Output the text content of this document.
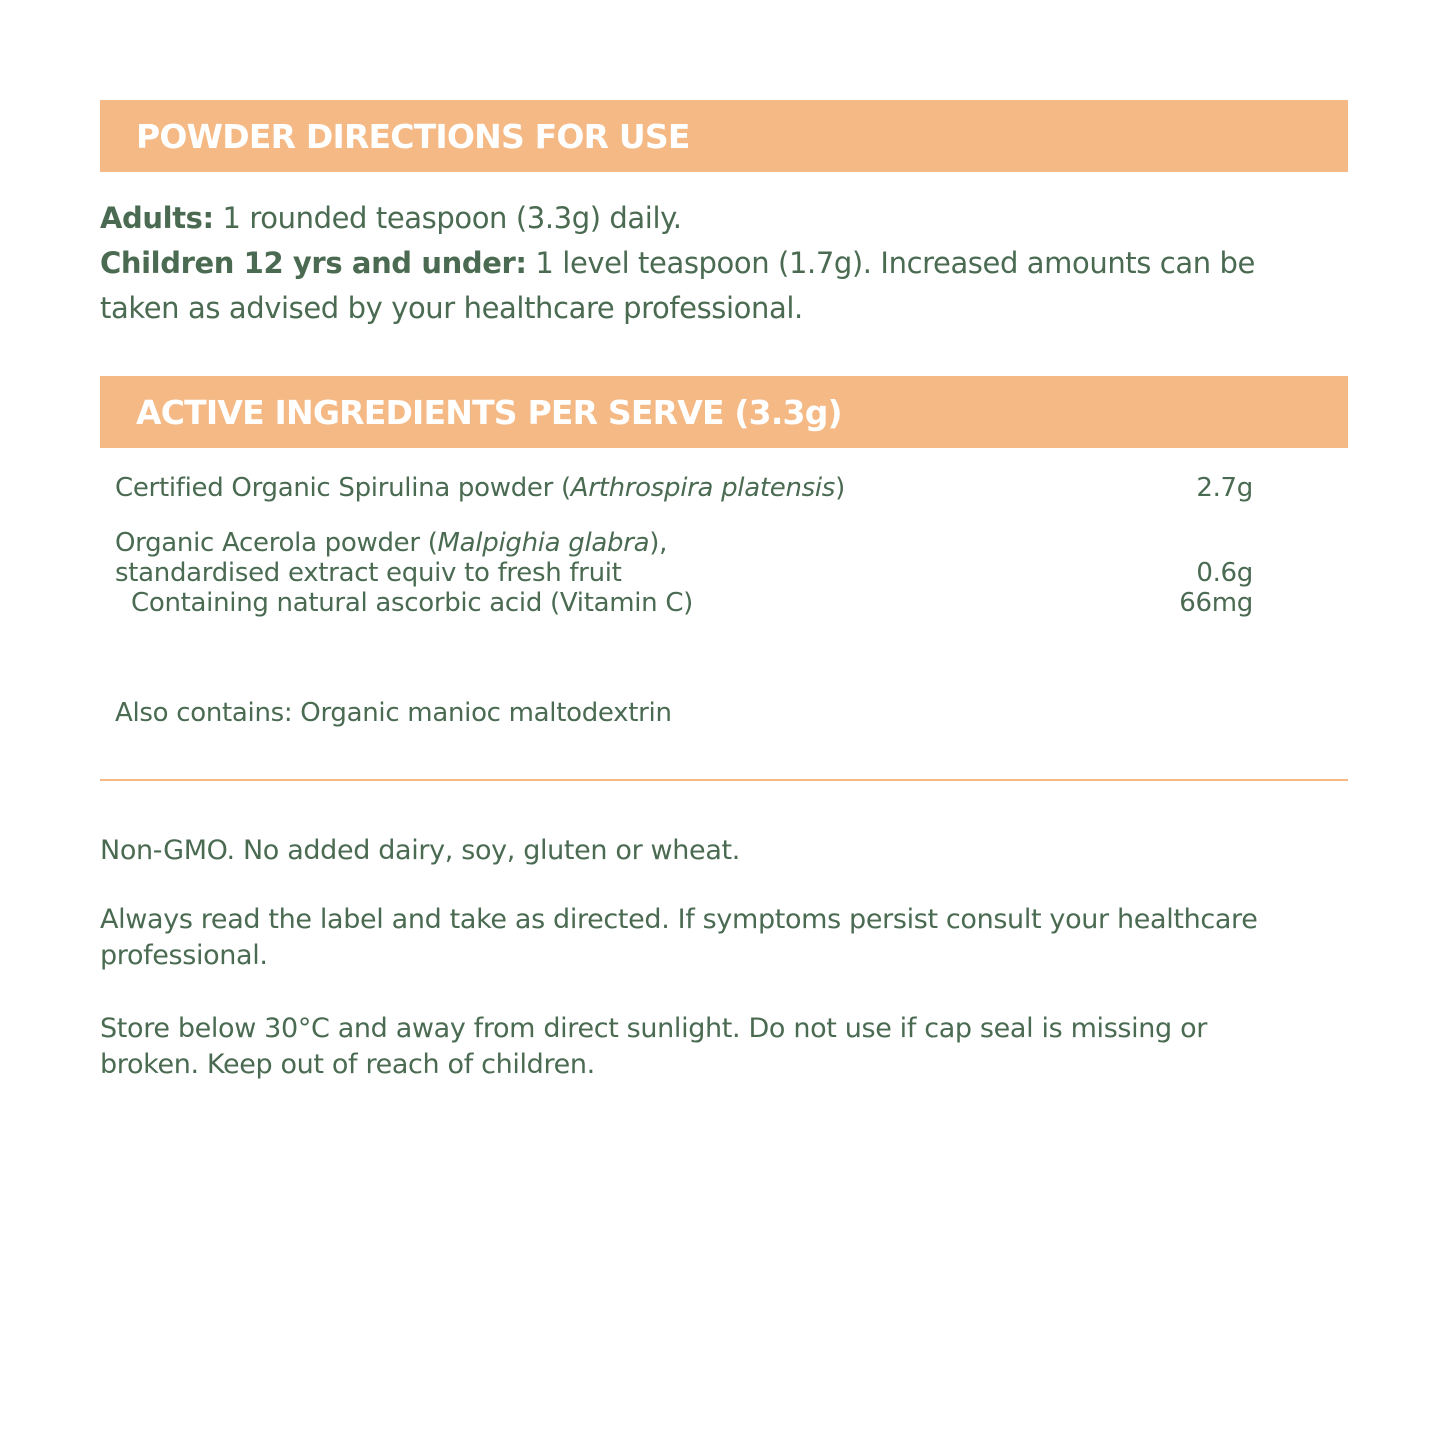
POWDER DIRECTIONS FOR USE

Adults: 1 rounded teaspoon (3.3g) daily.

Children 12 yrs and under: 1 level teaspoon (1.7g). Increased amounts can be taken as advised by your healthcare professional.

ACTIVE INGREDIENTS PER SERVE (3.3g)
Certified Organic Spirulina powder (Arthrospira platensis)	2.7g
Organic Acerola powder (Malpighia glabra),
standardised extract equiv to fresh fruit	0.6g
Containing natural ascorbic acid (Vitamin C)	66mg
Also contains: Organic manioc maltodextrin

Non-GMO. No added dairy, soy, gluten or wheat.

Always read the label and take as directed. If symptoms persist consult your healthcare professional.

Store below 30°C and away from direct sunlight. Do not use if cap seal is missing or broken. Keep out of reach of children.
